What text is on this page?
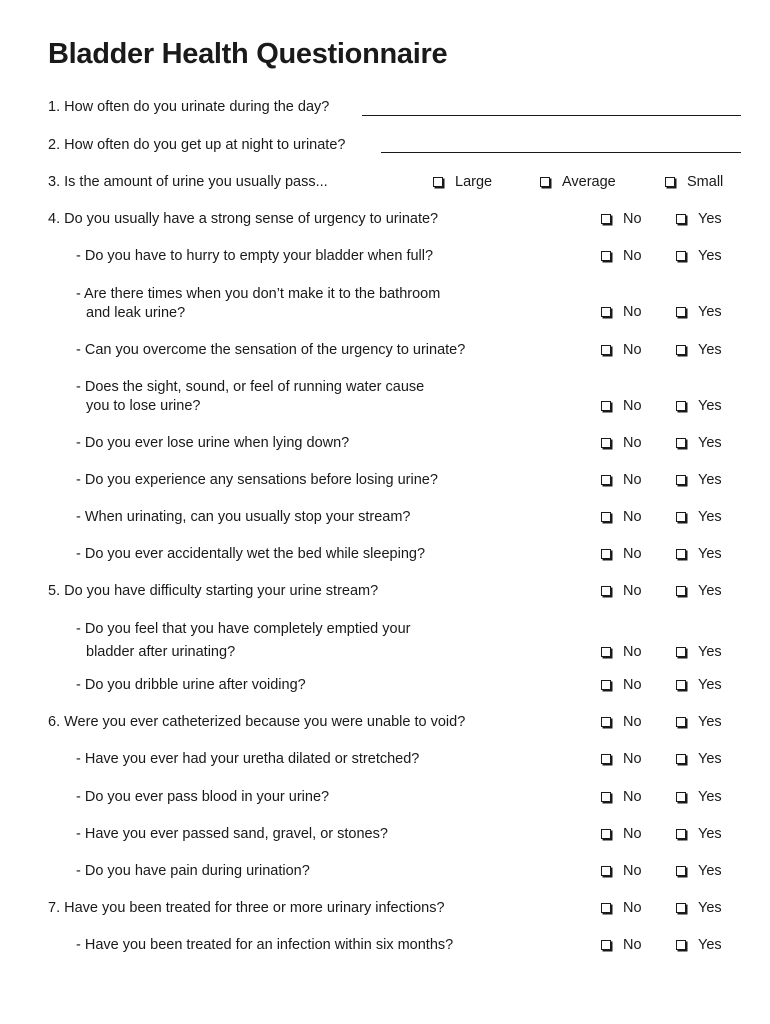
Bladder Health Questionnaire
1. How often do you urinate during the day?
2. How often do you get up at night to urinate?
3. Is the amount of urine you usually pass...	Large	Average	Small
4. Do you usually have a strong sense of urgency to urinate?	No	Yes
- Do you have to hurry to empty your bladder when full?	No	Yes
- Are there times when you don’t make it to the bathroom
and leak urine?	No	Yes
- Can you overcome the sensation of the urgency to urinate?	No	Yes
- Does the sight, sound, or feel of running water cause
you to lose urine?	No	Yes
- Do you ever lose urine when lying down?	No	Yes
- Do you experience any sensations before losing urine?	No	Yes
- When urinating, can you usually stop your stream?	No	Yes
- Do you ever accidentally wet the bed while sleeping?	No	Yes
5. Do you have difficulty starting your urine stream?	No	Yes
- Do you feel that you have completely emptied your
bladder after urinating?	No	Yes
- Do you dribble urine after voiding?	No	Yes
6. Were you ever catheterized because you were unable to void?	No	Yes
- Have you ever had your uretha dilated or stretched?	No	Yes
- Do you ever pass blood in your urine?	No	Yes
- Have you ever passed sand, gravel, or stones?	No	Yes
- Do you have pain during urination?	No	Yes
7. Have you been treated for three or more urinary infections?	No	Yes
- Have you been treated for an infection within six months?	No	Yes
